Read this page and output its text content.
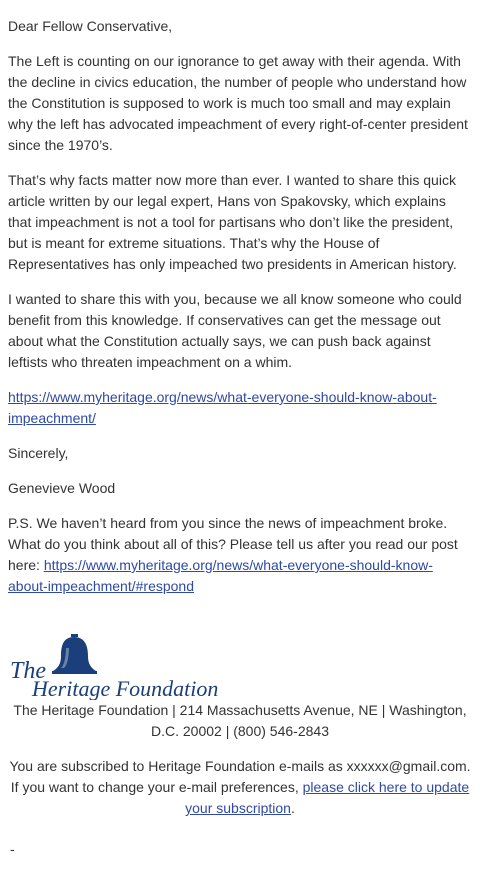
Dear Fellow Conservative,

The Left is counting on our ignorance to get away with their agenda. With the decline in civics education, the number of people who understand how the Constitution is supposed to work is much too small and may explain why the left has advocated impeachment of every right-of-center president since the 1970’s.

That’s why facts matter now more than ever. I wanted to share this quick article written by our legal expert, Hans von Spakovsky, which explains that impeachment is not a tool for partisans who don’t like the president, but is meant for extreme situations. That’s why the House of Representatives has only impeached two presidents in American history.

I wanted to share this with you, because we all know someone who could benefit from this knowledge. If conservatives can get the message out about what the Constitution actually says, we can push back against leftists who threaten impeachment on a whim.

https://www.myheritage.org/news/what-everyone-should-know-about-impeachment/

Sincerely,

Genevieve Wood

P.S. We haven’t heard from you since the news of impeachment broke. What do you think about all of this? Please tell us after you read our post here: https://www.myheritage.org/news/what-everyone-should-know-about-impeachment/#respond

The
Heritage Foundation

The Heritage Foundation | 214 Massachusetts Avenue, NE | Washington, D.C. 20002 | (800) 546-2843

You are subscribed to Heritage Foundation e-mails as xxxxxx@gmail.com. If you want to change your e-mail preferences, please click here to update your subscription.

-
